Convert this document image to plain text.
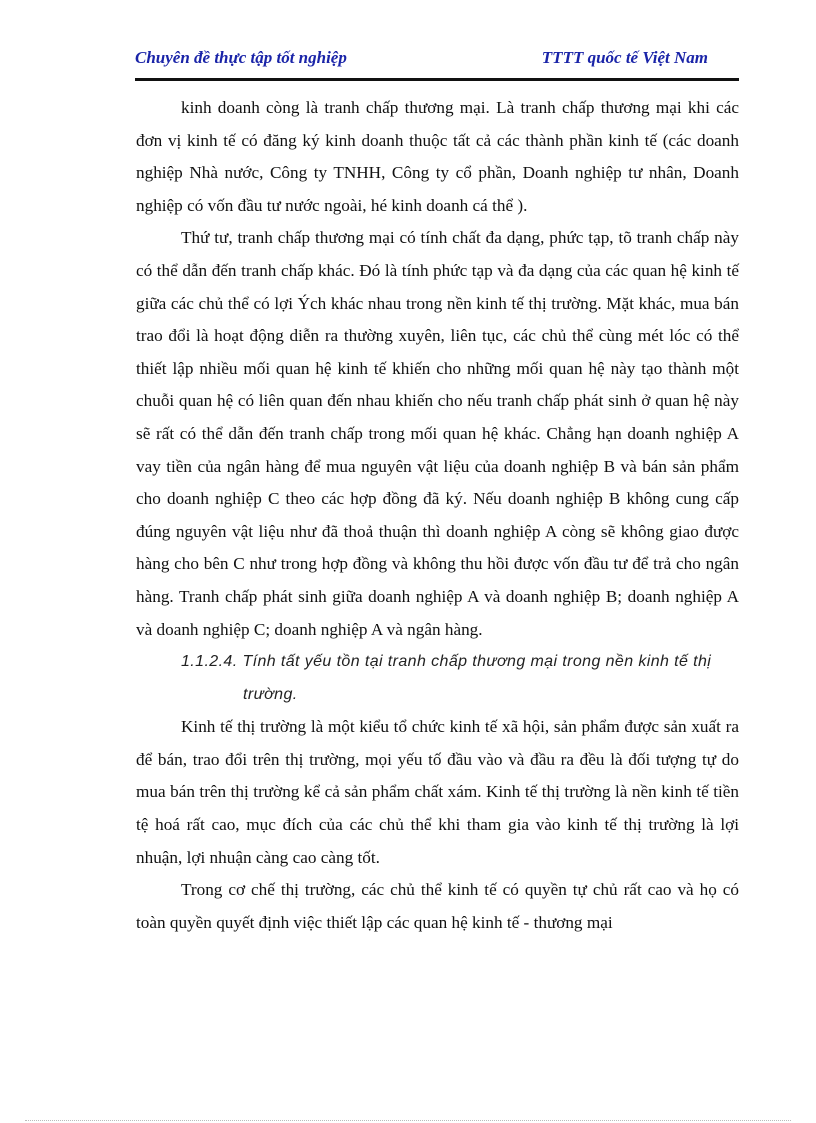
Chuyên đề thực tập tốt nghiệp	TTTT quốc tế Việt Nam

kinh doanh còng là tranh chấp thương mại. Là tranh chấp thương mại khi các đơn vị kinh tế có đăng ký kinh doanh thuộc tất cả các thành phần kinh tế (các doanh nghiệp Nhà nước, Công ty TNHH, Công ty cổ phần, Doanh nghiệp tư nhân, Doanh nghiệp có vốn đầu tư nước ngoài, hé kinh doanh cá thể ).

Thứ tư, tranh chấp thương mại có tính chất đa dạng, phức tạp, tõ tranh chấp này có thể dẫn đến tranh chấp khác. Đó là tính phức tạp và đa dạng của các quan hệ kinh tế giữa các chủ thể có lợi Ých khác nhau trong nền kinh tế thị trường. Mặt khác, mua bán trao đổi là hoạt động diễn ra thường xuyên, liên tục, các chủ thể cùng mét lóc có thể thiết lập nhiều mối quan hệ kinh tế khiến cho những mối quan hệ này tạo thành một chuỗi quan hệ có liên quan đến nhau khiến cho nếu tranh chấp phát sinh ở quan hệ này sẽ rất có thể dẫn đến tranh chấp trong mối quan hệ khác. Chẳng hạn doanh nghiệp A vay tiền của ngân hàng để mua nguyên vật liệu của doanh nghiệp B và bán sản phẩm cho doanh nghiệp C theo các hợp đồng đã ký. Nếu doanh nghiệp B không cung cấp đúng nguyên vật liệu như đã thoả thuận thì doanh nghiệp A còng sẽ không giao được hàng cho bên C như trong hợp đồng và không thu hồi được vốn đầu tư để trả cho ngân hàng. Tranh chấp phát sinh giữa doanh nghiệp A và doanh nghiệp B; doanh nghiệp A và doanh nghiệp C; doanh nghiệp A và ngân hàng.

1.1.2.4. Tính tất yếu tồn tại tranh chấp thương mại trong nền kinh tế thị
trường.

Kinh tế thị trường là một kiểu tổ chức kinh tế xã hội, sản phẩm được sản xuất ra để bán, trao đổi trên thị trường, mọi yếu tố đầu vào và đầu ra đều là đối tượng tự do mua bán trên thị trường kể cả sản phẩm chất xám. Kinh tế thị trường là nền kinh tế tiền tệ hoá rất cao, mục đích của các chủ thể khi tham gia vào kinh tế thị trường là lợi nhuận, lợi nhuận càng cao càng tốt.

Trong cơ chế thị trường, các chủ thể kinh tế có quyền tự chủ rất cao và họ có toàn quyền quyết định việc thiết lập các quan hệ kinh tế - thương mại
